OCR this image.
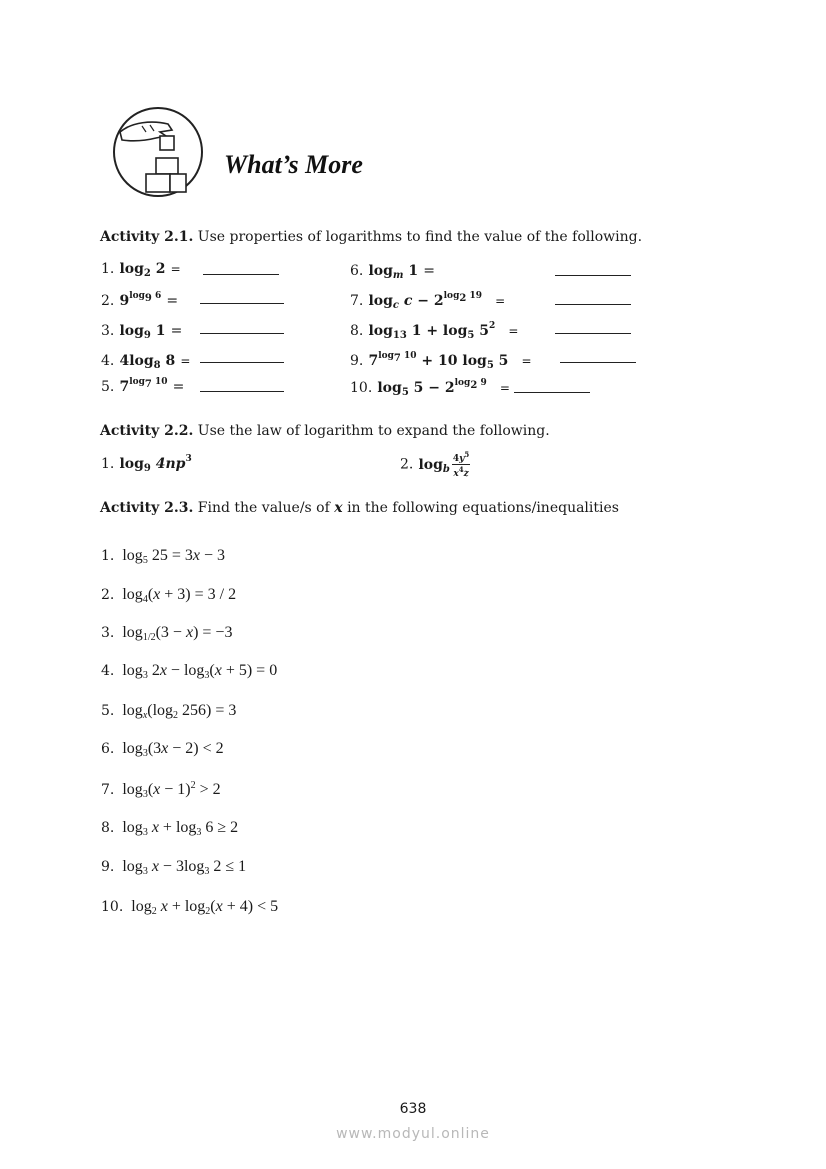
What’s More
Activity 2.1. Use properties of logarithms to find the value of the following.
1. $\log_2 2$ =
2. $9^{log_9 6}$ =
3. $\log_9 1$ =
4. $4\log_8$ 8 =
5. $7^{log_7 10}$ =
6. $\log_m 1$ =
7. $\log_c c - 2^{log_2 19}$ =
8. $\log_{13} 1 + \log_5 5^2$ =
9. $7^{log_7 10} + 10$ $\log_5 5$ =
10. $\log_5 5 - 2^{log_2 9}$ =
Activity 2.2. Use the law of logarithm to expand the following.
1. $\log_9 4np^3$	2. $\log_b \frac{4y^5}{x^4z}$
Activity 2.3. Find the value/s of x in the following equations/inequalities
1.  $\log_5 25 = 3x - 3$
2.  $\log_4(x + 3) = 3 / 2$
3.  $\log_{1/2}(3 - x) = -3$
4.  $\log_3 2x - \log_3(x + 5) = 0$
5.  $\log_x(\log_2$ 256) = 3
6.  $\log_3(3x - 2) < 2$
7.  $\log_3(x - 1)^2 > 2$
8.  $\log_3 x + \log_3 6 \ge 2$
9.  $\log_3 x - 3\log_3$ 2 ≤ 1
10.  $\log_2 x + \log_2(x + 4) < 5$
638
www.modyul.online
